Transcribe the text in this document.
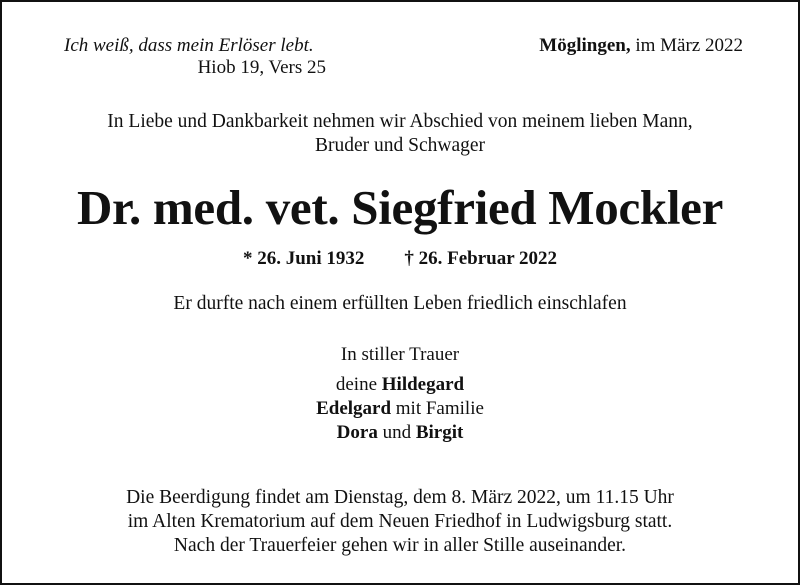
Ich weiß, dass mein Erlöser lebt.
Hiob 19, Vers 25
Möglingen, im März 2022
In Liebe und Dankbarkeit nehmen wir Abschied von meinem lieben Mann,
Bruder und Schwager
Dr. med. vet. Siegfried Mockler
* 26. Juni 1932 † 26. Februar 2022
Er durfte nach einem erfüllten Leben friedlich einschlafen
In stiller Trauer
deine Hildegard
Edelgard mit Familie
Dora und Birgit
Die Beerdigung findet am Dienstag, dem 8. März 2022, um 11.15 Uhr
im Alten Krematorium auf dem Neuen Friedhof in Ludwigsburg statt.
Nach der Trauerfeier gehen wir in aller Stille auseinander.
